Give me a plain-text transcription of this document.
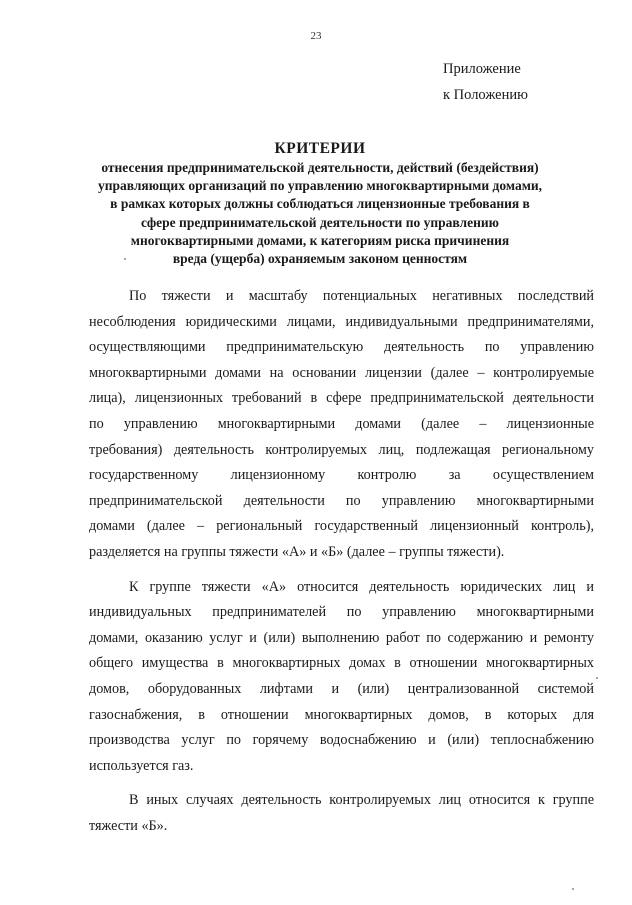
23
Приложение
к Положению
КРИТЕРИИ
отнесения предпринимательской деятельности, действий (бездействия)
управляющих организаций по управлению многоквартирными домами,
в рамках которых должны соблюдаться лицензионные требования в
сфере предпринимательской деятельности по управлению
многоквартирными домами, к категориям риска причинения
вреда (ущерба) охраняемым законом ценностям

По тяжести и масштабу потенциальных негативных последствий
несоблюдения юридическими лицами, индивидуальными предпринимателями,
осуществляющими предпринимательскую деятельность по управлению
многоквартирными домами на основании лицензии (далее – контролируемые
лица), лицензионных требований в сфере предпринимательской деятельности
по управлению многоквартирными домами (далее – лицензионные
требования) деятельность контролируемых лиц, подлежащая региональному
государственному лицензионному контролю за осуществлением
предпринимательской деятельности по управлению многоквартирными
домами (далее – региональный государственный лицензионный контроль),
разделяется на группы тяжести «А» и «Б» (далее – группы тяжести).

К группе тяжести «А» относится деятельность юридических лиц и
индивидуальных предпринимателей по управлению многоквартирными
домами, оказанию услуг и (или) выполнению работ по содержанию и ремонту
общего имущества в многоквартирных домах в отношении многоквартирных
домов, оборудованных лифтами и (или) централизованной системой
газоснабжения, в отношении многоквартирных домов, в которых для
производства услуг по горячему водоснабжению и (или) теплоснабжению
используется газ.

В иных случаях деятельность контролируемых лиц относится к группе
тяжести «Б».
